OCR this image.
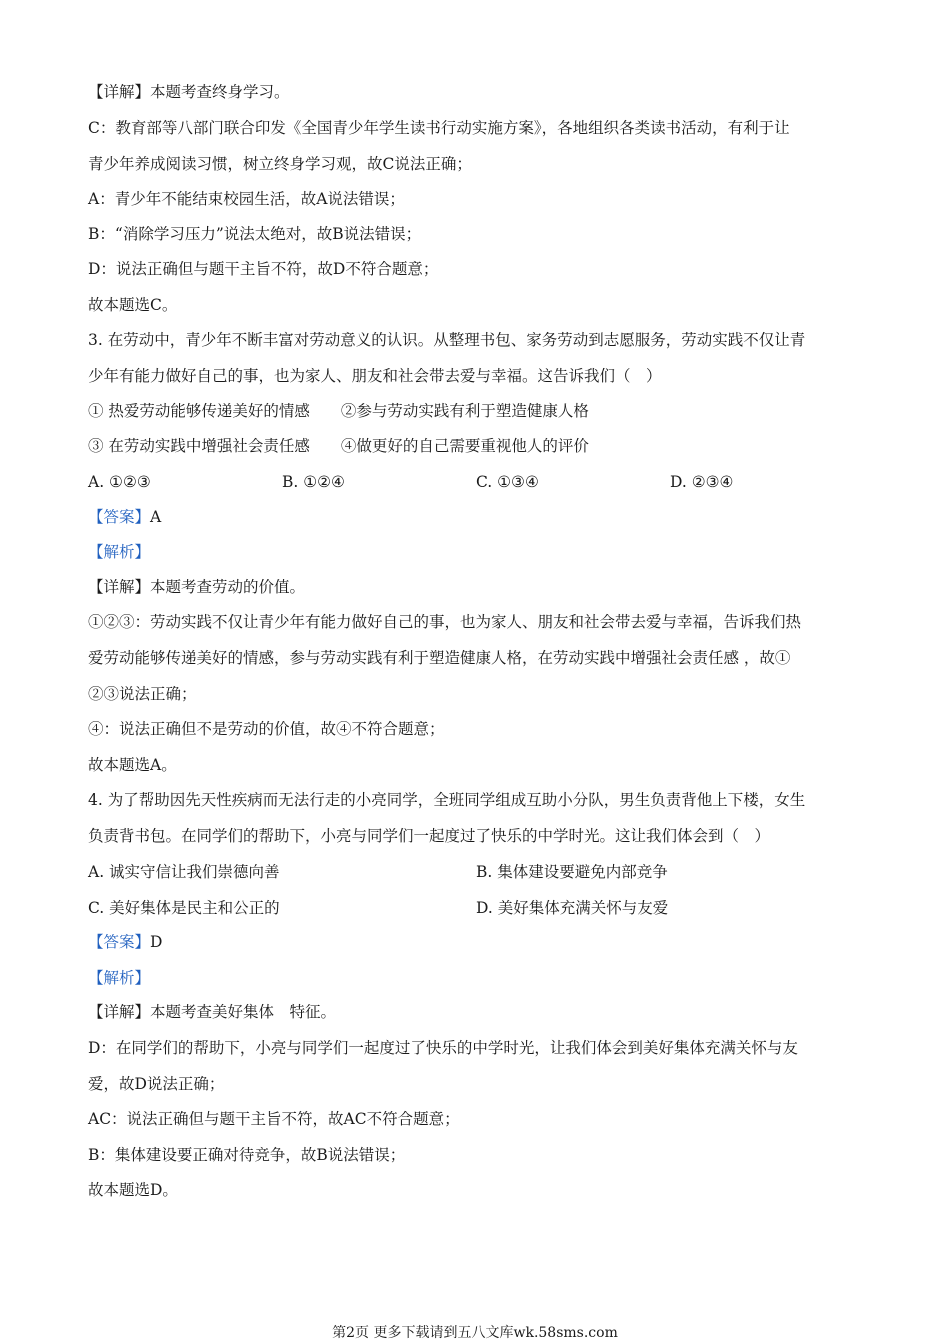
【详解】本题考查终身学习。
C：教育部等八部门联合印发《全国青少年学生读书行动实施方案》，各地组织各类读书活动，有利于让
青少年养成阅读习惯，树立终身学习观，故C说法正确；
A：青少年不能结束校园生活，故A说法错误；
B：“消除学习压力”说法太绝对，故B说法错误；
D：说法正确但与题干主旨不符，故D不符合题意；
故本题选C。
3. 在劳动中，青少年不断丰富对劳动意义的认识。从整理书包、家务劳动到志愿服务，劳动实践不仅让青
少年有能力做好自己的事，也为家人、朋友和社会带去爱与幸福。这告诉我们（　）
① 热爱劳动能够传递美好的情感　　②参与劳动实践有利于塑造健康人格
③ 在劳动实践中增强社会责任感　　④做更好的自己需要重视他人的评价
A. ①②③	B. ①②④	C. ①③④	D. ②③④
【答案】A
【解析】
【详解】本题考查劳动的价值。
①②③：劳动实践不仅让青少年有能力做好自己的事，也为家人、朋友和社会带去爱与幸福，告诉我们热
爱劳动能够传递美好的情感，参与劳动实践有利于塑造健康人格，在劳动实践中增强社会责任感 ，故①
②③说法正确；
④：说法正确但不是劳动的价值，故④不符合题意；
故本题选A。
4. 为了帮助因先天性疾病而无法行走的小亮同学，全班同学组成互助小分队，男生负责背他上下楼，女生
负责背书包。在同学们的帮助下，小亮与同学们一起度过了快乐的中学时光。这让我们体会到（　）
A. 诚实守信让我们崇德向善	B. 集体建设要避免内部竞争
C. 美好集体是民主和公正的	D. 美好集体充满关怀与友爱
【答案】D
【解析】
【详解】本题考查美好集体　特征。
D：在同学们的帮助下，小亮与同学们一起度过了快乐的中学时光，让我们体会到美好集体充满关怀与友
爱，故D说法正确；
AC：说法正确但与题干主旨不符，故AC不符合题意；
B：集体建设要正确对待竞争，故B说法错误；
故本题选D。
第2页 更多下载请到五八文库wk.58sms.com
